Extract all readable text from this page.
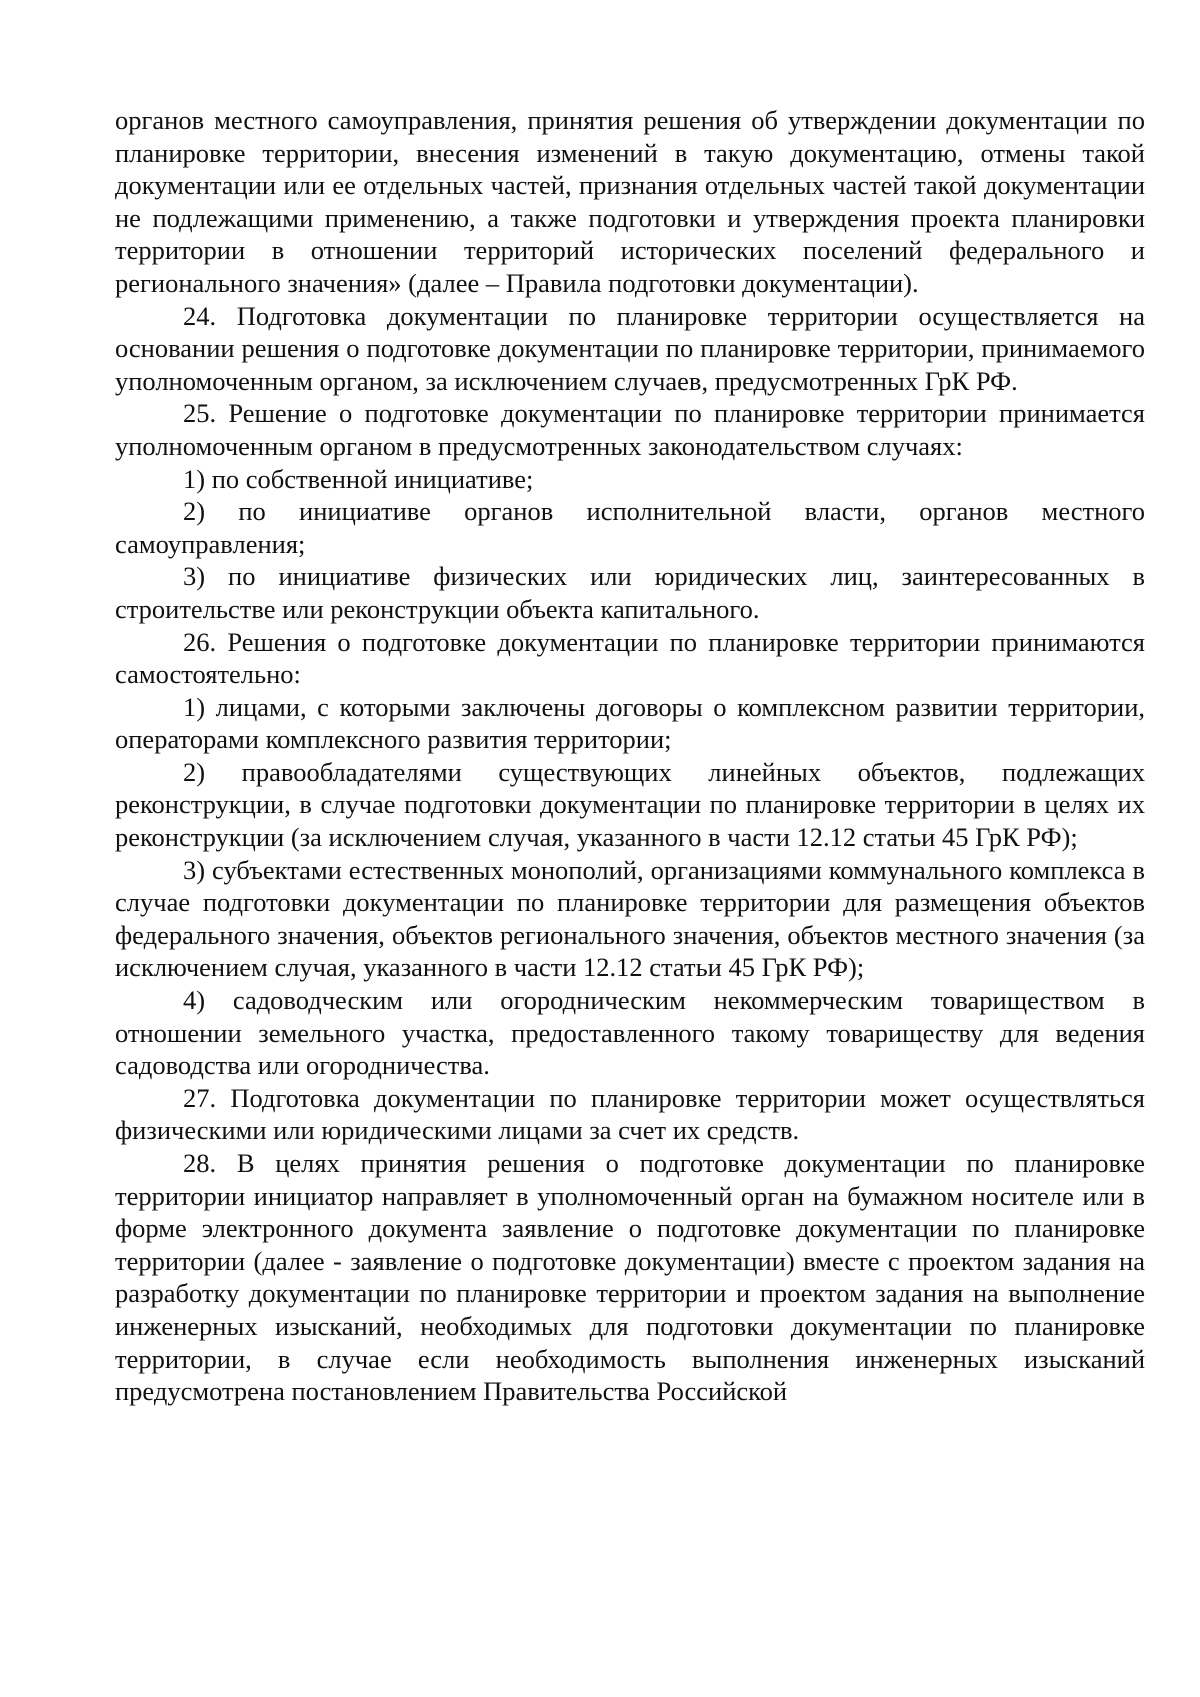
органов местного самоуправления, принятия решения об утверждении документации по планировке территории, внесения изменений в такую документацию, отмены такой документации или ее отдельных частей, признания отдельных частей такой документации не подлежащими применению, а также подготовки и утверждения проекта планировки территории в отношении территорий исторических поселений федерального и регионального значения» (далее – Правила подготовки документации).

24. Подготовка документации по планировке территории осуществляется на основании решения о подготовке документации по планировке территории, принимаемого уполномоченным органом, за исключением случаев, предусмотренных ГрК РФ.

25. Решение о подготовке документации по планировке территории принимается уполномоченным органом в предусмотренных законодательством случаях:

1) по собственной инициативе;

2) по инициативе органов исполнительной власти, органов местного самоуправления;

3) по инициативе физических или юридических лиц, заинтересованных в строительстве или реконструкции объекта капитального.

26. Решения о подготовке документации по планировке территории принимаются самостоятельно:

1) лицами, с которыми заключены договоры о комплексном развитии территории, операторами комплексного развития территории;

2) правообладателями существующих линейных объектов, подлежащих реконструкции, в случае подготовки документации по планировке территории в целях их реконструкции (за исключением случая, указанного в части 12.12 статьи 45 ГрК РФ);

3) субъектами естественных монополий, организациями коммунального комплекса в случае подготовки документации по планировке территории для размещения объектов федерального значения, объектов регионального значения, объектов местного значения (за исключением случая, указанного в части 12.12 статьи 45 ГрК РФ);

4) садоводческим или огородническим некоммерческим товариществом в отношении земельного участка, предоставленного такому товариществу для ведения садоводства или огородничества.

27. Подготовка документации по планировке территории может осуществляться физическими или юридическими лицами за счет их средств.

28. В целях принятия решения о подготовке документации по планировке территории инициатор направляет в уполномоченный орган на бумажном носителе или в форме электронного документа заявление о подготовке документации по планировке территории (далее - заявление о подготовке документации) вместе с проектом задания на разработку документации по планировке территории и проектом задания на выполнение инженерных изысканий, необходимых для подготовки документации по планировке территории, в случае если необходимость выполнения инженерных изысканий предусмотрена постановлением Правительства Российской
